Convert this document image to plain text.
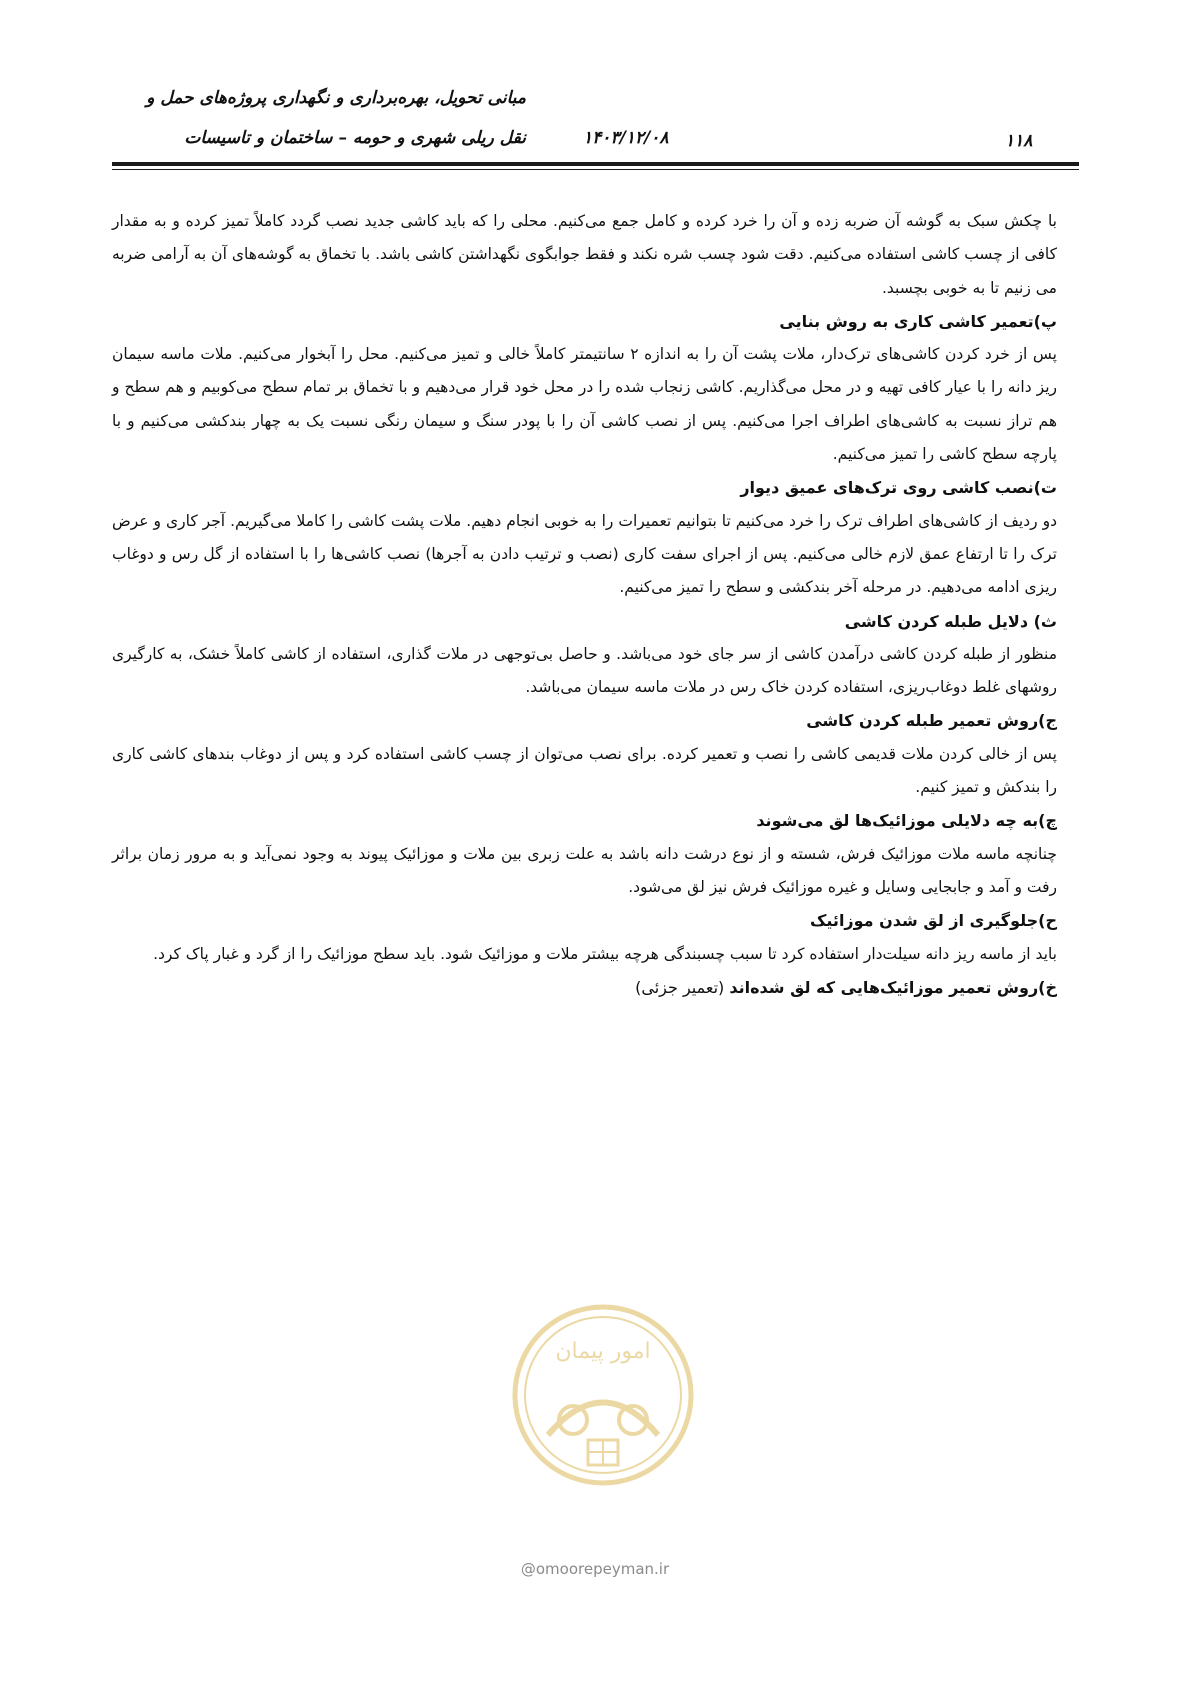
مبانی تحویل، بهره‌برداری و نگهداری پروژه‌های حمل و
نقل ریلی شهری و حومه – ساختمان و تاسیسات	۱۴۰۳/۱۲/۰۸	۱۱۸

با چکش سبک به گوشه آن ضربه زده و آن را خرد کرده و کامل جمع می‌کنیم. محلی را که باید کاشی جدید نصب گردد کاملاً تمیز کرده و به مقدار کافی از چسب کاشی استفاده می‌کنیم. دقت شود چسب شره نکند و فقط جوابگوی نگهداشتن کاشی باشد. با تخماق به گوشه‌های آن به آرامی ضربه می زنیم تا به خوبی بچسبد.

پ)تعمیر کاشی کاری به روش بنایی

پس از خرد کردن کاشی‌های ترک‌دار، ملات پشت آن را به اندازه ۲ سانتیمتر کاملاً خالی و تمیز می‌کنیم. محل را آبخوار می‌کنیم. ملات ماسه سیمان ریز دانه را با عیار کافی تهیه و در محل می‌گذاریم. کاشی زنجاب شده را در محل خود قرار می‌دهیم و با تخماق بر تمام سطح می‌کوبیم و هم سطح و هم تراز نسبت به کاشی‌های اطراف اجرا می‌کنیم. پس از نصب کاشی آن را با پودر سنگ و سیمان رنگی نسبت یک به چهار بندکشی می‌کنیم و با پارچه سطح کاشی را تمیز می‌کنیم.

ت)نصب کاشی روی ترک‌های عمیق دیوار

دو ردیف از کاشی‌های اطراف ترک را خرد می‌کنیم تا بتوانیم تعمیرات را به خوبی انجام دهیم. ملات پشت کاشی را کاملا می‌گیریم. آجر کاری و عرض ترک را تا ارتفاع عمق لازم خالی می‌کنیم. پس از اجرای سفت کاری (نصب و ترتیب دادن به آجرها) نصب کاشی‌ها را با استفاده از گل رس و دوغاب ریزی ادامه می‌دهیم. در مرحله آخر بندکشی و سطح را تمیز می‌کنیم.

ث) دلایل طبله کردن کاشی

منظور از طبله کردن کاشی درآمدن کاشی از سر جای خود می‌باشد. و حاصل بی‌توجهی در ملات گذاری، استفاده از کاشی کاملاً خشک، به کارگیری روشهای غلط دوغاب‌ریزی، استفاده کردن خاک رس در ملات ماسه سیمان می‌باشد.

ج)روش تعمیر طبله کردن کاشی

پس از خالی کردن ملات قدیمی کاشی را نصب و تعمیر کرده. برای نصب می‌توان از چسب کاشی استفاده کرد و پس از دوغاب بندهای کاشی کاری را بندکش و تمیز کنیم.

چ)به چه دلایلی موزائیک‌ها لق می‌شوند

چنانچه ماسه ملات موزائیک فرش، شسته و از نوع درشت دانه باشد به علت زبری بین ملات و موزائیک پیوند به وجود نمی‌آید و به مرور زمان براثر رفت و آمد و جابجایی وسایل و غیره موزائیک فرش نیز لق می‌شود.

ح)جلوگیری از لق شدن موزائیک

باید از ماسه ریز دانه سیلت‌دار استفاده کرد تا سبب چسبندگی هرچه بیشتر ملات و موزائیک شود. باید سطح موزائیک را از گرد و غبار پاک کرد.

خ)روش تعمیر موزائیک‌هایی که لق شده‌اند (تعمیر جزئی)
امور پیمان
@omoorepeyman.ir
